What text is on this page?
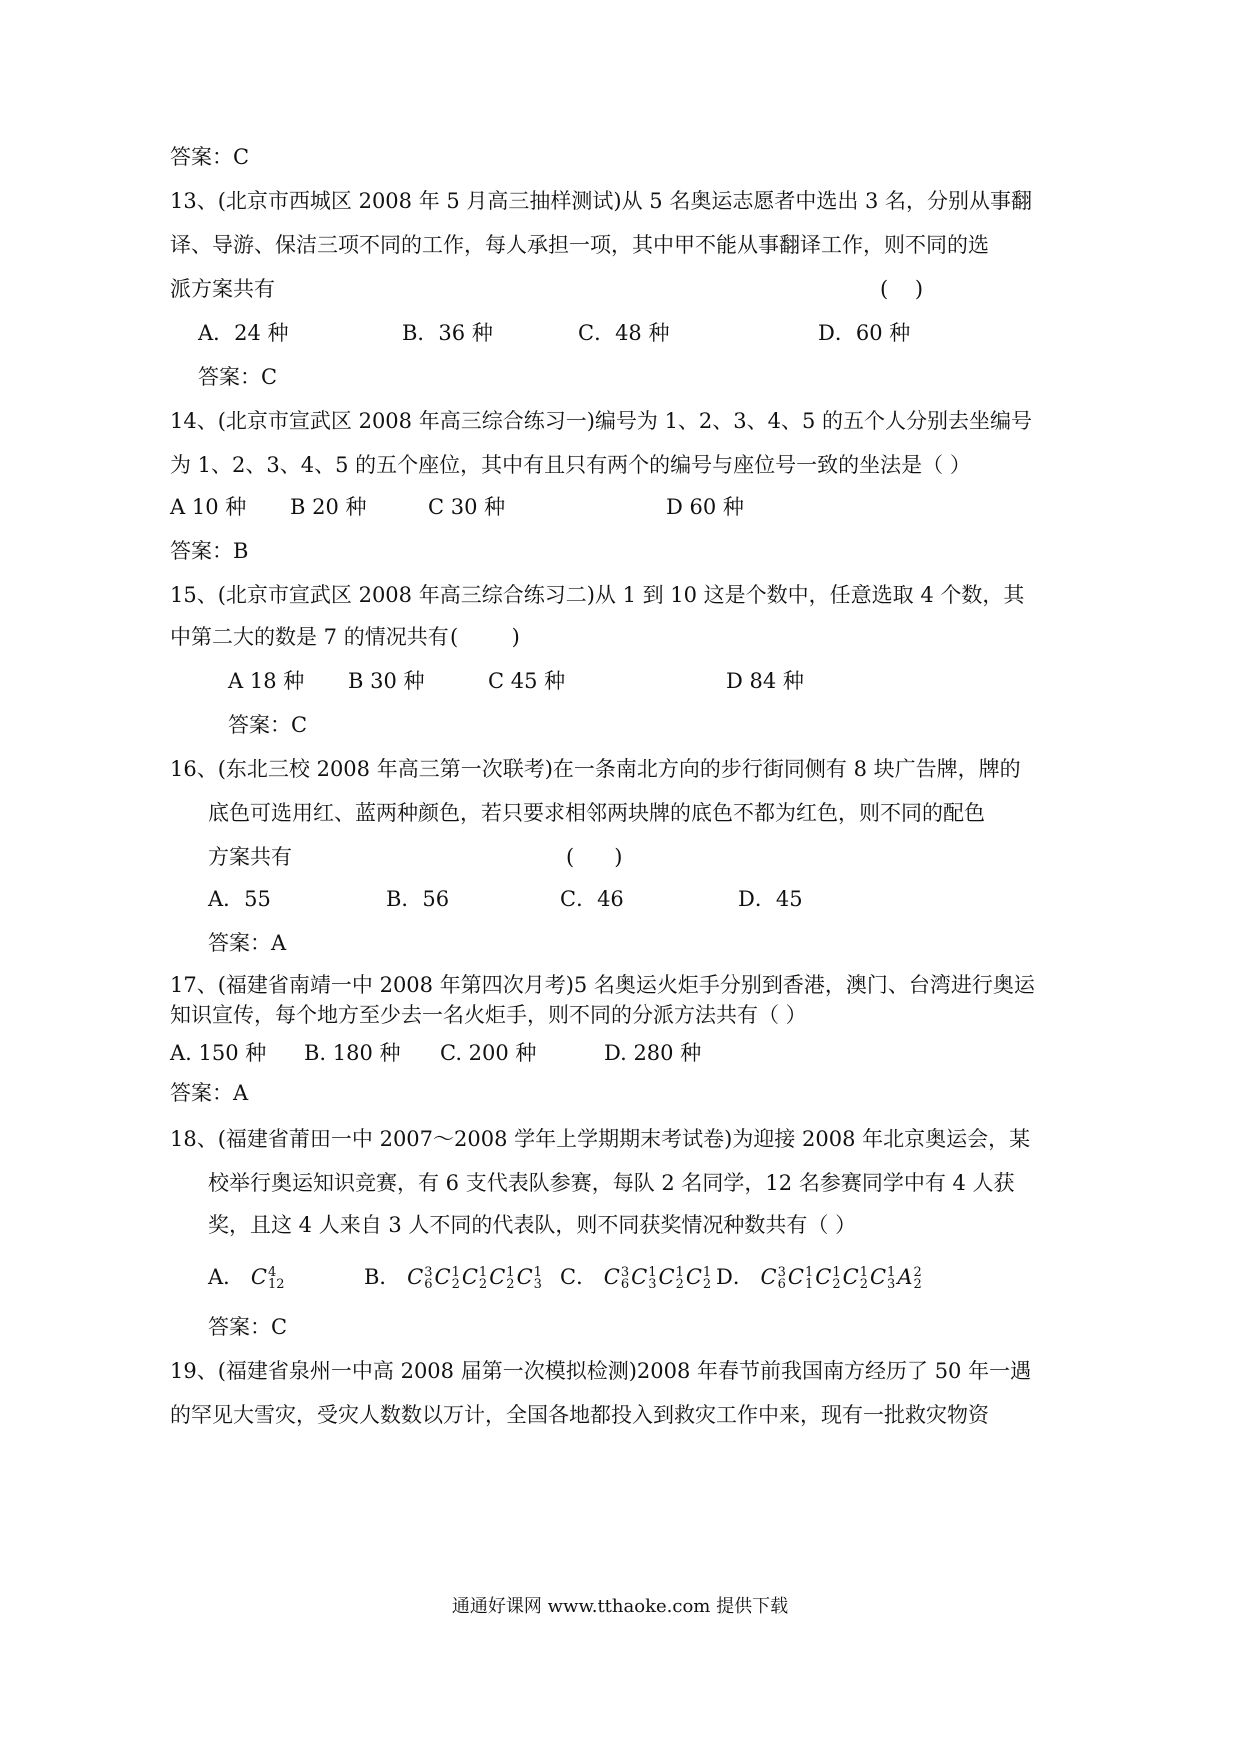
答案：C
13、(北京市西城区 2008 年 5 月高三抽样测试)从 5 名奥运志愿者中选出 3 名，分别从事翻
译、导游、保洁三项不同的工作，每人承担一项，其中甲不能从事翻译工作，则不同的选
派方案共有	(    )
A．24 种	B．36 种	C．48 种	D．60 种
答案：C
14、(北京市宣武区 2008 年高三综合练习一)编号为 1、2、3、4、5 的五个人分别去坐编号
为 1、2、3、4、5 的五个座位，其中有且只有两个的编号与座位号一致的坐法是（ ）
A 10 种 B 20 种	C 30 种	D 60 种
答案：B
15、(北京市宣武区 2008 年高三综合练习二)从 1 到 10 这是个数中，任意选取 4 个数，其
中第二大的数是 7 的情况共有 (        )
A 18 种 B 30 种	C 45 种	D 84 种
答案：C
16、(东北三校 2008 年高三第一次联考)在一条南北方向的步行街同侧有 8 块广告牌，牌的
底色可选用红、蓝两种颜色，若只要求相邻两块牌的底色不都为红色，则不同的配色
方案共有	(      )
A．55	B．56	C．46	D．45
答案：A
17、(福建省南靖一中 2008 年第四次月考)5 名奥运火炬手分别到香港，澳门、台湾进行奥运
知识宣传，每个地方至少去一名火炬手，则不同的分派方法共有（ ）
A. 150 种 B. 180 种 C. 200 种	D. 280 种
答案：A
18、(福建省莆田一中 2007～2008 学年上学期期末考试卷)为迎接 2008 年北京奥运会，某
校举行奥运知识竞赛，有 6 支代表队参赛，每队 2 名同学，12 名参赛同学中有 4 人获
奖，且这 4 人来自 3 人不同的代表队，则不同获奖情况种数共有（ ）
A． C 4
12	B． C 3
6 C 1
2 C 1
2 C 1
2 C 1
3 C． C 3
6 C 1
3 C 1
2 C 1
2 D． C 3
6 C 1
1 C 1
2 C 1
2 C 1
3 A 2
2
答案：C
19、(福建省泉州一中高 2008 届第一次模拟检测)2008 年春节前我国南方经历了 50 年一遇
的罕见大雪灾，受灾人数数以万计，全国各地都投入到救灾工作中来，现有一批救灾物资
通通好课网 www.tthaoke.com 提供下载
